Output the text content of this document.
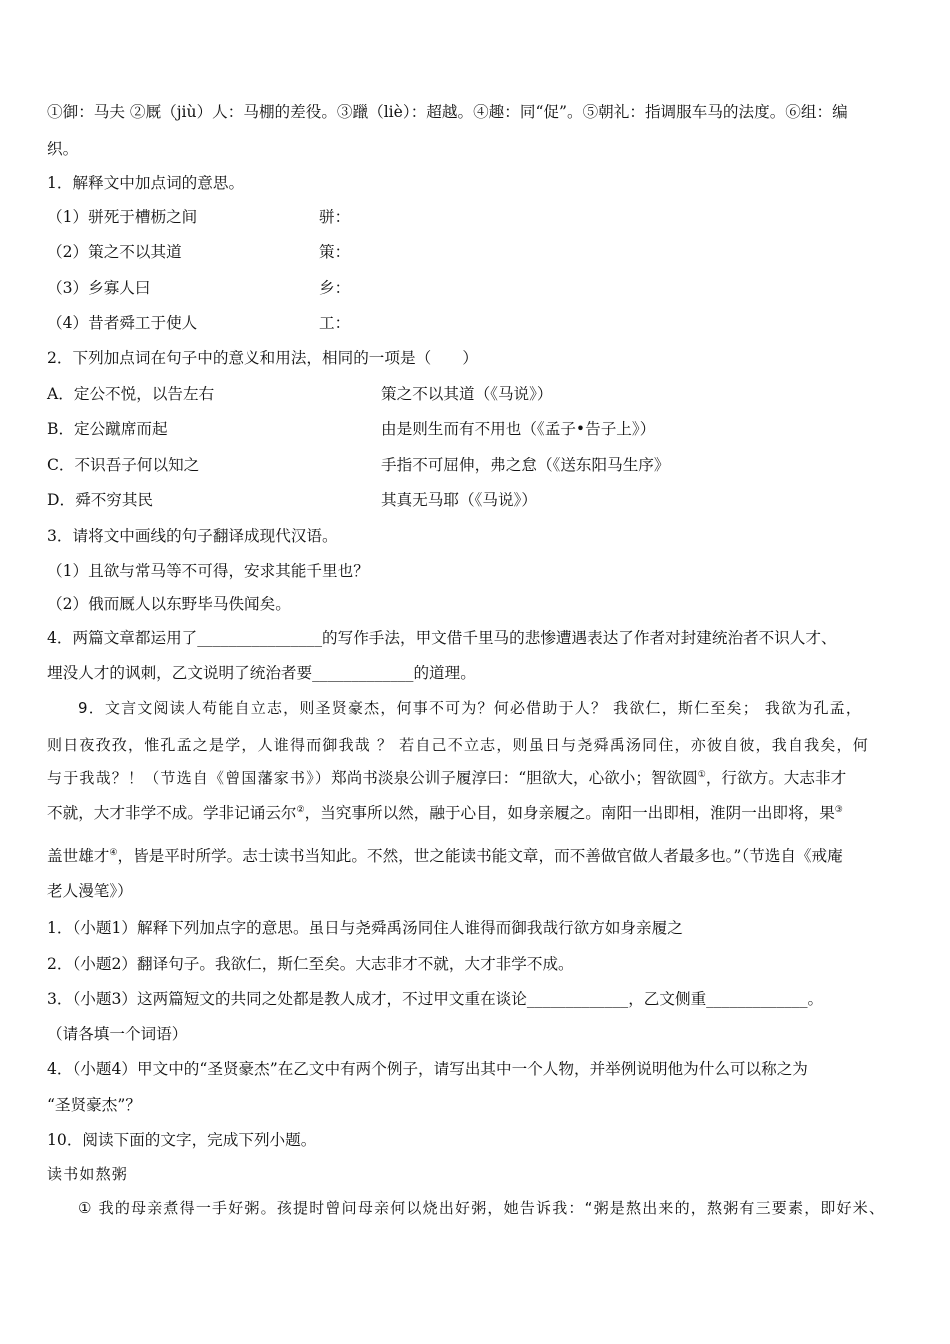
①御：马夫 ②厩（jiù）人：马棚的差役。③躐（liè）：超越。④趣：同“促”。⑤朝礼：指调服车马的法度。⑥组：编
织。
1．解释文中加点词的意思。
（1）骈死于槽枥之间	骈：
（2）策之不以其道	策：
（3）乡寡人曰	乡：
（4）昔者舜工于使人	工：
2．下列加点词在句子中的意义和用法，相同的一项是（　　）
A．定公不悦，以告左右	策之不以其道（《马说》）
B．定公蹴席而起	由是则生而有不用也（《孟子•告子上》）
C．不识吾子何以知之	手指不可屈伸，弗之怠（《送东阳马生序》
D．舜不穷其民	其真无马耶（《马说》）
3．请将文中画线的句子翻译成现代汉语。
（1）且欲与常马等不可得，安求其能千里也？
（2）俄而厩人以东野毕马佚闻矣。
4．两篇文章都运用了________________的写作手法，甲文借千里马的悲惨遭遇表达了作者对封建统治者不识人才、
埋没人才的讽刺，乙文说明了统治者要_____________的道理。
9．文言文阅读人苟能自立志，则圣贤豪杰，何事不可为？何必借助于人？ 我欲仁，斯仁至矣； 我欲为孔孟，
则日夜孜孜，惟孔孟之是学，人谁得而御我哉 ？ 若自己不立志，则虽日与尧舜禹汤同住，亦彼自彼，我自我矣，何
与于我哉？！（节选自《曾国藩家书》）郑尚书淡泉公训子履淳曰：“胆欲大，心欲小；智欲圆①，行欲方。大志非才
不就，大才非学不成。学非记诵云尔②，当究事所以然，融于心目，如身亲履之。南阳一出即相，淮阴一出即将，果③
盖世雄才④，皆是平时所学。志士读书当知此。不然，世之能读书能文章，而不善做官做人者最多也。”（节选自《戒庵
老人漫笔》）
1．（小题1）解释下列加点字的意思。虽日与尧舜禹汤同住人谁得而御我哉行欲方如身亲履之
2．（小题2）翻译句子。我欲仁，斯仁至矣。大志非才不就，大才非学不成。
3．（小题3）这两篇短文的共同之处都是教人成才，不过甲文重在谈论_____________，乙文侧重_____________。
（请各填一个词语）
4．（小题4）甲文中的“圣贤豪杰”在乙文中有两个例子，请写出其中一个人物，并举例说明他为什么可以称之为
“圣贤豪杰”？
10．阅读下面的文字，完成下列小题。
读书如熬粥
① 我的母亲煮得一手好粥。孩提时曾问母亲何以烧出好粥，她告诉我：“粥是熬出来的，熬粥有三要素，即好米、
